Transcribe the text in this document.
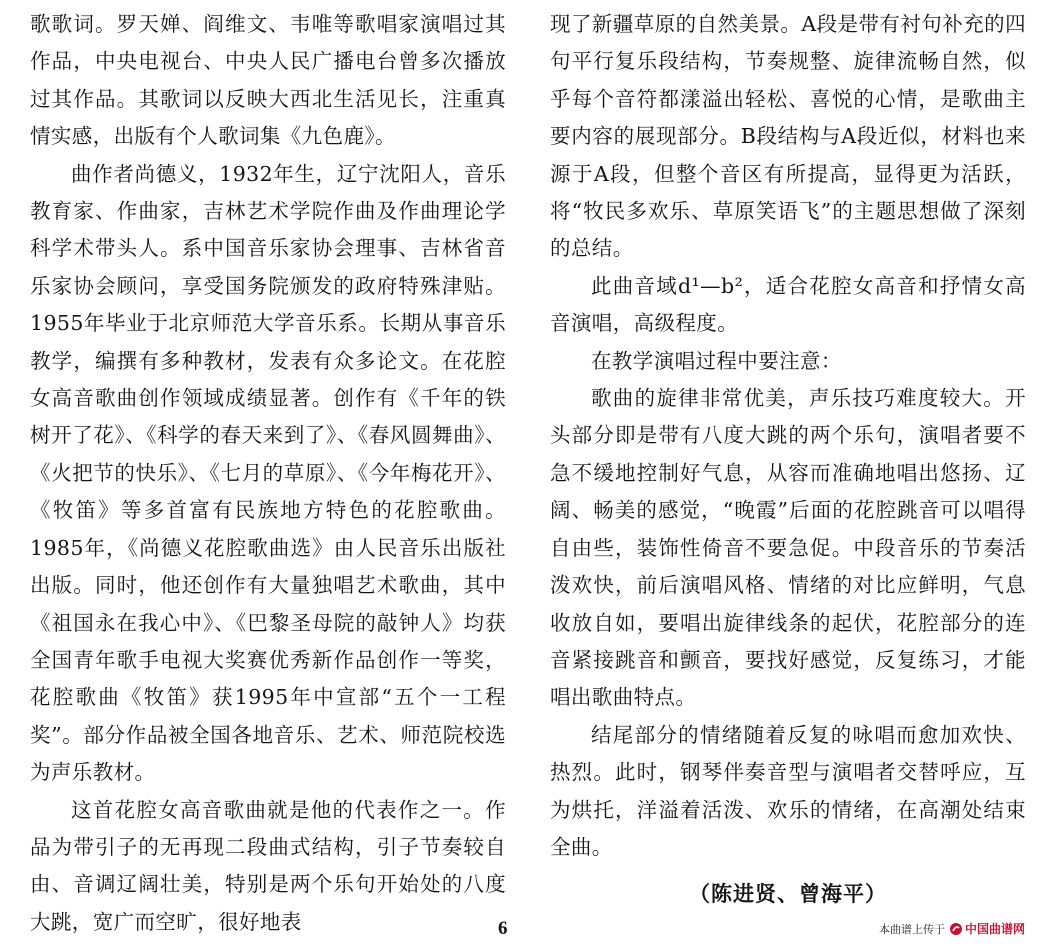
歌歌词。罗天婵、阎维文、韦唯等歌唱家演唱过其作品，中央电视台、中央人民广播电台曾多次播放过其作品。其歌词以反映大西北生活见长，注重真情实感，出版有个人歌词集《九色鹿》。

曲作者尚德义，1932年生，辽宁沈阳人，音乐教育家、作曲家，吉林艺术学院作曲及作曲理论学科学术带头人。系中国音乐家协会理事、吉林省音乐家协会顾问，享受国务院颁发的政府特殊津贴。1955年毕业于北京师范大学音乐系。长期从事音乐教学，编撰有多种教材，发表有众多论文。在花腔女高音歌曲创作领域成绩显著。创作有《千年的铁树开了花》、《科学的春天来到了》、《春风圆舞曲》、《火把节的快乐》、《七月的草原》、《今年梅花开》、《牧笛》等多首富有民族地方特色的花腔歌曲。1985年，《尚德义花腔歌曲选》由人民音乐出版社出版。同时，他还创作有大量独唱艺术歌曲，其中《祖国永在我心中》、《巴黎圣母院的敲钟人》均获全国青年歌手电视大奖赛优秀新作品创作一等奖，花腔歌曲《牧笛》获1995年中宣部“五个一工程奖”。部分作品被全国各地音乐、艺术、师范院校选为声乐教材。

这首花腔女高音歌曲就是他的代表作之一。作品为带引子的无再现二段曲式结构，引子节奏较自由、音调辽阔壮美，特别是两个乐句开始处的八度大跳，宽广而空旷，很好地表

现了新疆草原的自然美景。A段是带有衬句补充的四句平行复乐段结构，节奏规整、旋律流畅自然，似乎每个音符都漾溢出轻松、喜悦的心情，是歌曲主要内容的展现部分。B段结构与A段近似，材料也来源于A段，但整个音区有所提高，显得更为活跃，将“牧民多欢乐、草原笑语飞”的主题思想做了深刻的总结。

此曲音域d¹—b²，适合花腔女高音和抒情女高音演唱，高级程度。

在教学演唱过程中要注意：

歌曲的旋律非常优美，声乐技巧难度较大。开头部分即是带有八度大跳的两个乐句，演唱者要不急不缓地控制好气息，从容而准确地唱出悠扬、辽阔、畅美的感觉，“晚霞”后面的花腔跳音可以唱得自由些，装饰性倚音不要急促。中段音乐的节奏活泼欢快，前后演唱风格、情绪的对比应鲜明，气息收放自如，要唱出旋律线条的起伏，花腔部分的连音紧接跳音和颤音，要找好感觉，反复练习，才能唱出歌曲特点。

结尾部分的情绪随着反复的咏唱而愈加欢快、热烈。此时，钢琴伴奏音型与演唱者交替呼应，互为烘托，洋溢着活泼、欢乐的情绪，在高潮处结束全曲。

（陈进贤、曾海平）

6	本曲谱上传于 中国曲谱网
